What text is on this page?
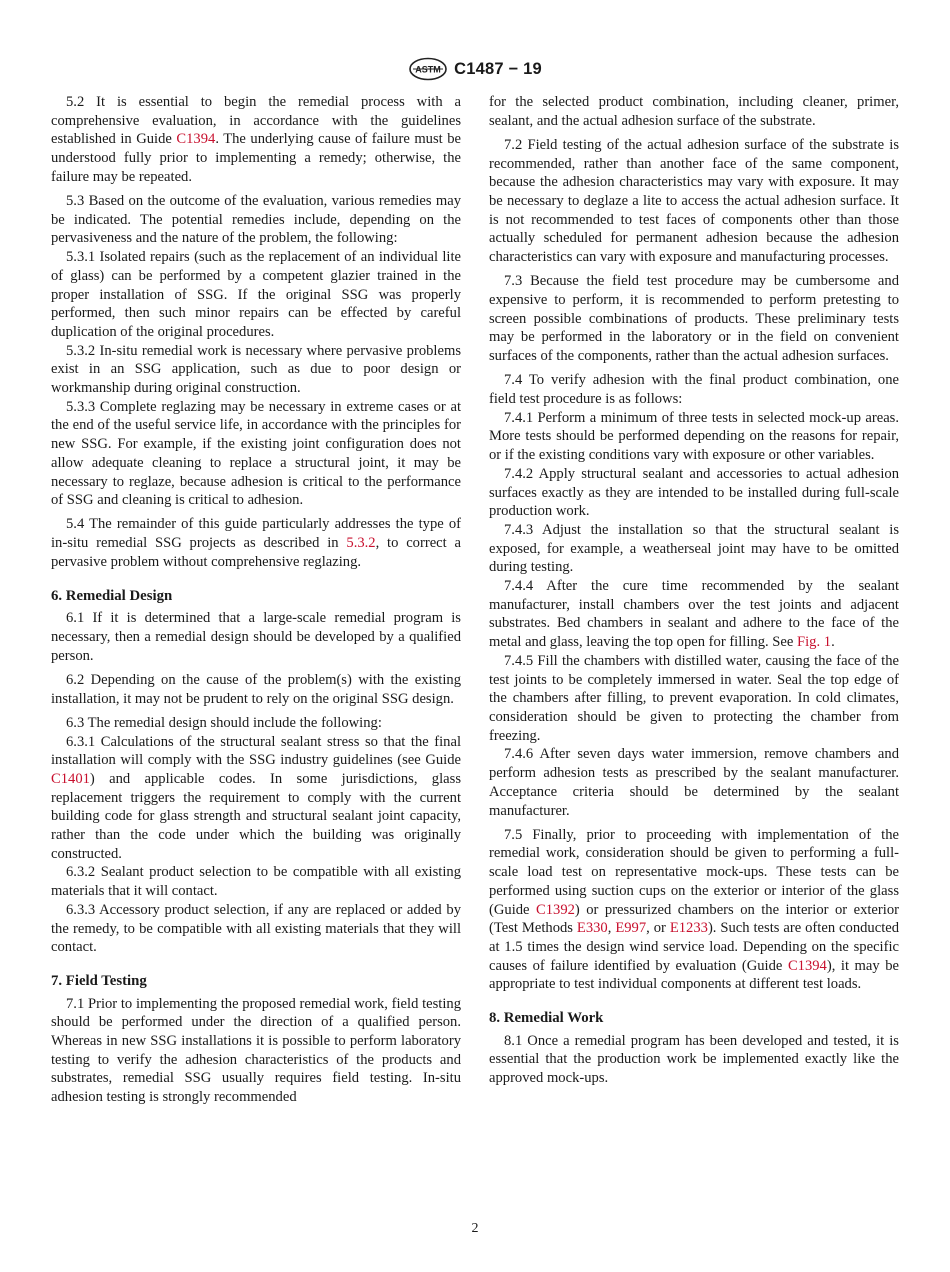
ASTM C1487 − 19

5.2 It is essential to begin the remedial process with a comprehensive evaluation, in accordance with the guidelines established in Guide C1394. The underlying cause of failure must be understood fully prior to implementing a remedy; otherwise, the failure may be repeated.

5.3 Based on the outcome of the evaluation, various remedies may be indicated. The potential remedies include, depending on the pervasiveness and the nature of the problem, the following:

5.3.1 Isolated repairs (such as the replacement of an individual lite of glass) can be performed by a competent glazier trained in the proper installation of SSG. If the original SSG was properly performed, then such minor repairs can be effected by careful duplication of the original procedures.

5.3.2 In-situ remedial work is necessary where pervasive problems exist in an SSG application, such as due to poor design or workmanship during original construction.

5.3.3 Complete reglazing may be necessary in extreme cases or at the end of the useful service life, in accordance with the principles for new SSG. For example, if the existing joint configuration does not allow adequate cleaning to replace a structural joint, it may be necessary to reglaze, because adhesion is critical to the performance of SSG and cleaning is critical to adhesion.

5.4 The remainder of this guide particularly addresses the type of in-situ remedial SSG projects as described in 5.3.2, to correct a pervasive problem without comprehensive reglazing.

6. Remedial Design

6.1 If it is determined that a large-scale remedial program is necessary, then a remedial design should be developed by a qualified person.

6.2 Depending on the cause of the problem(s) with the existing installation, it may not be prudent to rely on the original SSG design.

6.3 The remedial design should include the following:

6.3.1 Calculations of the structural sealant stress so that the final installation will comply with the SSG industry guidelines (see Guide C1401) and applicable codes. In some jurisdictions, glass replacement triggers the requirement to comply with the current building code for glass strength and structural sealant joint capacity, rather than the code under which the building was originally constructed.

6.3.2 Sealant product selection to be compatible with all existing materials that it will contact.

6.3.3 Accessory product selection, if any are replaced or added by the remedy, to be compatible with all existing materials that they will contact.

7. Field Testing

7.1 Prior to implementing the proposed remedial work, field testing should be performed under the direction of a qualified person. Whereas in new SSG installations it is possible to perform laboratory testing to verify the adhesion characteristics of the products and substrates, remedial SSG usually requires field testing. In-situ adhesion testing is strongly recommended

for the selected product combination, including cleaner, primer, sealant, and the actual adhesion surface of the substrate.

7.2 Field testing of the actual adhesion surface of the substrate is recommended, rather than another face of the same component, because the adhesion characteristics may vary with exposure. It may be necessary to deglaze a lite to access the actual adhesion surface. It is not recommended to test faces of components other than those actually scheduled for permanent adhesion because the adhesion characteristics can vary with exposure and manufacturing processes.

7.3 Because the field test procedure may be cumbersome and expensive to perform, it is recommended to perform pretesting to screen possible combinations of products. These preliminary tests may be performed in the laboratory or in the field on convenient surfaces of the components, rather than the actual adhesion surfaces.

7.4 To verify adhesion with the final product combination, one field test procedure is as follows:

7.4.1 Perform a minimum of three tests in selected mock-up areas. More tests should be performed depending on the reasons for repair, or if the existing conditions vary with exposure or other variables.

7.4.2 Apply structural sealant and accessories to actual adhesion surfaces exactly as they are intended to be installed during full-scale production work.

7.4.3 Adjust the installation so that the structural sealant is exposed, for example, a weatherseal joint may have to be omitted during testing.

7.4.4 After the cure time recommended by the sealant manufacturer, install chambers over the test joints and adjacent substrates. Bed chambers in sealant and adhere to the face of the metal and glass, leaving the top open for filling. See Fig. 1.

7.4.5 Fill the chambers with distilled water, causing the face of the test joints to be completely immersed in water. Seal the top edge of the chambers after filling, to prevent evaporation. In cold climates, consideration should be given to protecting the chamber from freezing.

7.4.6 After seven days water immersion, remove chambers and perform adhesion tests as prescribed by the sealant manufacturer. Acceptance criteria should be determined by the sealant manufacturer.

7.5 Finally, prior to proceeding with implementation of the remedial work, consideration should be given to performing a full-scale load test on representative mock-ups. These tests can be performed using suction cups on the exterior or interior of the glass (Guide C1392) or pressurized chambers on the interior or exterior (Test Methods E330, E997, or E1233). Such tests are often conducted at 1.5 times the design wind service load. Depending on the specific causes of failure identified by evaluation (Guide C1394), it may be appropriate to test individual components at different test loads.

8. Remedial Work

8.1 Once a remedial program has been developed and tested, it is essential that the production work be implemented exactly like the approved mock-ups.

2
